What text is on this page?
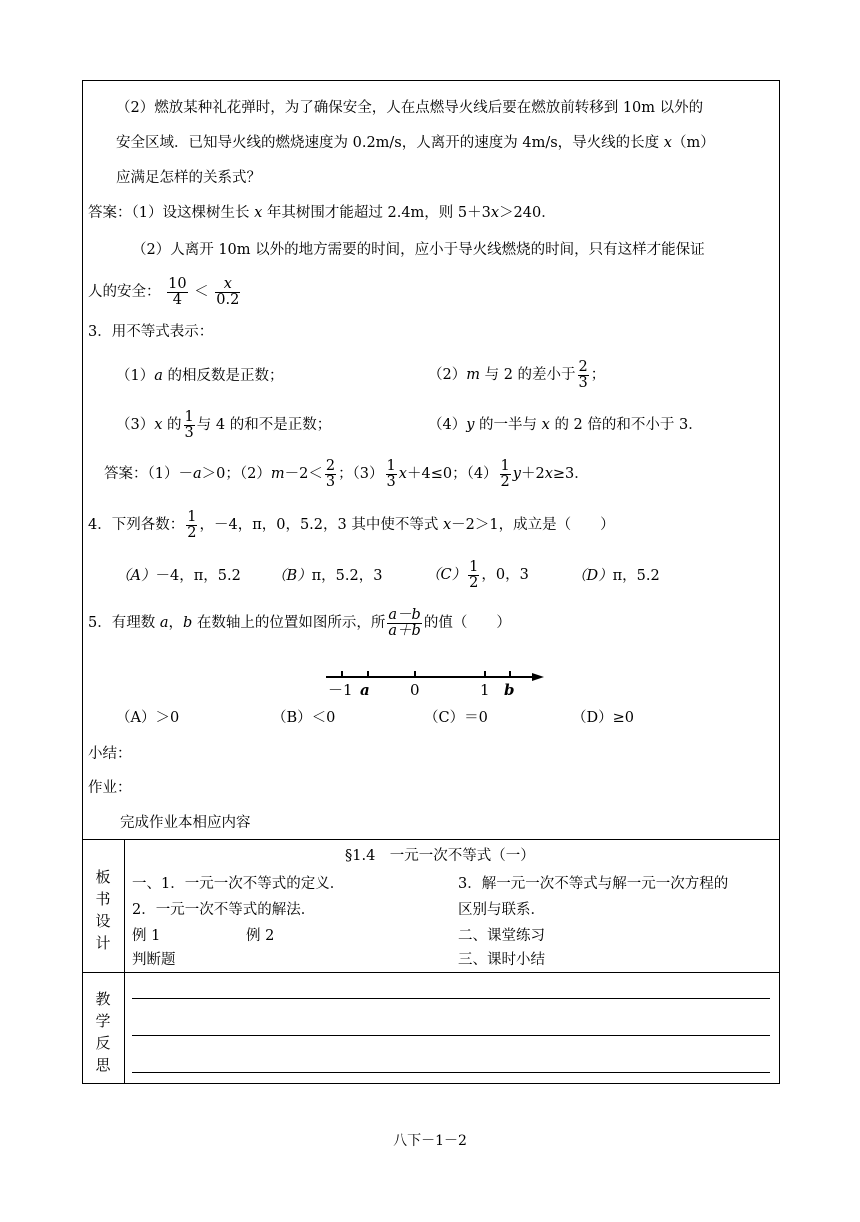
（2）燃放某种礼花弹时，为了确保安全，人在点燃导火线后要在燃放前转移到 10m 以外的
安全区域．已知导火线的燃烧速度为 0.2m/s，人离开的速度为 4m/s，导火线的长度 x（m）
应满足怎样的关系式？
答案：（1）设这棵树生长 x 年其树围才能超过 2.4m，则 5＋3x＞240．
（2）人离开 10m 以外的地方需要的时间，应小于导火线燃烧的时间，只有这样才能保证
人的安全： $\frac{10}{4} < \frac{x}{0.2}$
3．用不等式表示：
（1）a 的相反数是正数；	（2）m 与 2 的差小于 $\frac{2}{3}$ ；
（3）x 的 $\frac{1}{3}$ 与 4 的和不是正数；	（4）y 的一半与 x 的 2 倍的和不小于 3．
答案：（1）－a＞0；$(2)m-2< \frac{2}{3}$ ；$(3) \frac{1}{3} x+4\le 0$；$(4) \frac{1}{2} y+2x\ge 3$．
4．下列各数： $\frac{1}{2}$ ，－4，π，0，5.2，3 其中使不等式 x－2＞1，成立是（　　）
（A）－4，π，5.2 （B）π，5.2，3	$(C) \frac{1}{2}$ ，0，3	（D）π，5.2
5．有理数 a，b 在数轴上的位置如图所示，所 $\frac{a-b}{a+b}$ 的值（　　）
－1 a	0	1 b
（A）＞0	（B）＜0	（C）＝0	（D）≥0
小结：
作业：
完成作业本相应内容
板
书
设
计
§1.4　一元一次不等式（一）
一、1．一元一次不等式的定义．
2．一元一次不等式的解法．
例 1	例 2
判断题
3．解一元一次不等式与解一元一次方程的
区别与联系．
二、课堂练习
三、课时小结
教
学
反
思
八下－1－2
